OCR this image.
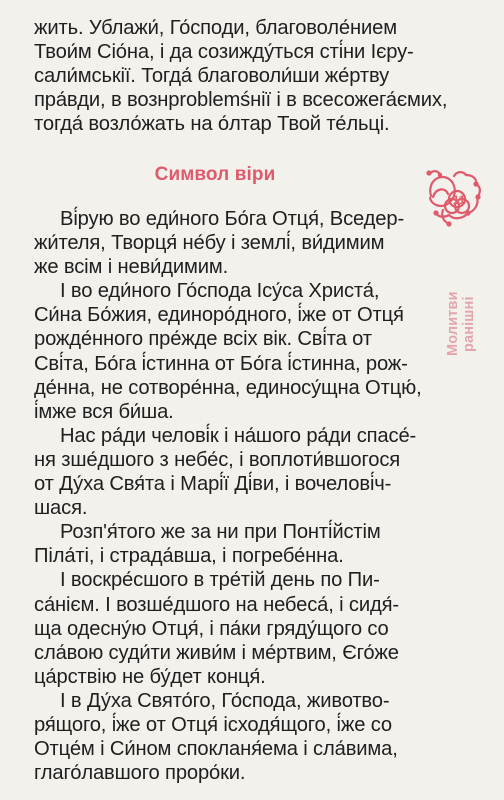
жить. Ублажи́, Го́споди, благоволе́нием
Твои́м Сіо́на, і да созижду́ться сті́ни Ієру-
сали́мськії. Тогда́ благоволи́ши же́ртву
пра́вди, в вознproblemśнії і в всесожега́ємих,
тогда́ возло́жать на о́лтар Твой те́льці.
Символ віри
Ві́рую во еди́ного Бо́га Отця́, Вседер-
жи́теля, Творця́ не́бу і землі́, ви́димим
же всім і неви́димим.
І во еди́ного Го́спода Ісу́са Христа́,
Си́на Бо́жия, единоро́дного, і́же от Отця́
рожде́нного пре́жде всіх вік. Сві́та от
Сві́та, Бо́га і́стинна от Бо́га і́стинна, рож-
де́нна, не сотворе́нна, единосу́щна Отцю́,
і́мже вся би́ша.
Нас ра́ди челові́к і на́шого ра́ди спасе́-
ня зше́дшого з небе́с, і воплоти́вшогося
от Ду́ха Свя́та і Марі́ї Ді́ви, і вочелові́ч-
шася.
Розп'я́того же за ни при Понті́йстім
Піла́ті, і страда́вша, і погребе́нна.
І воскре́сшого в тре́тій день по Пи-
са́нієм. І возше́дшого на небеса́, і сидя́-
ща одесну́ю Отця́, і па́ки гряду́щого со
сла́вою суди́ти живи́м і ме́ртвим, Єго́же
ца́рствію не бу́дет конця́.
І в Ду́ха Свято́го, Го́спода, животво-
ря́щого, і́же от Отця́ ісходя́щого, і́же со
Отце́м і Си́ном спокланя́ема і сла́вима,
глаго́лавшого проро́ки.
11
Молитви ранішні
